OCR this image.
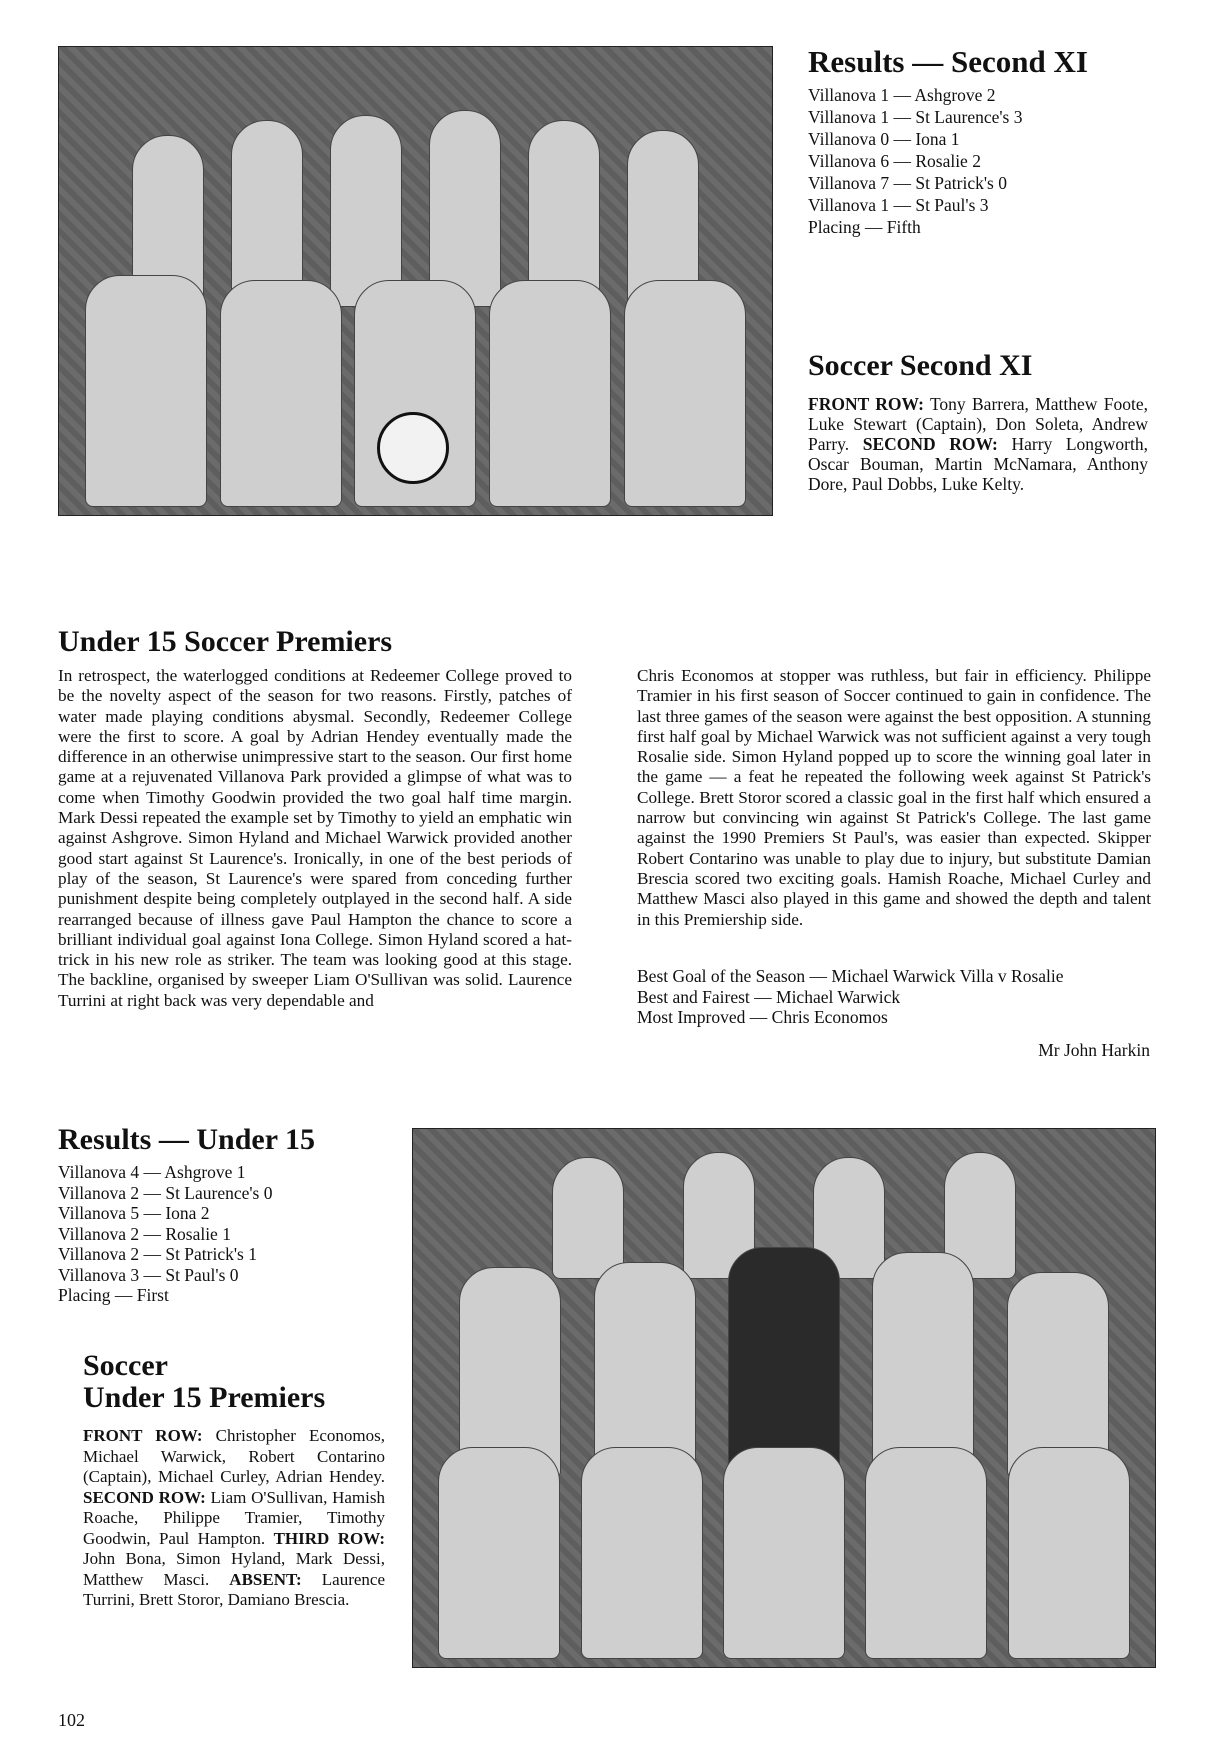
Results — Second XI
Villanova 1 — Ashgrove 2
Villanova 1 — St Laurence's 3
Villanova 0 — Iona 1
Villanova 6 — Rosalie 2
Villanova 7 — St Patrick's 0
Villanova 1 — St Paul's 3
Placing — Fifth
Soccer Second XI
FRONT ROW: Tony Barrera, Matthew Foote, Luke Stewart (Captain), Don Soleta, Andrew Parry. SECOND ROW: Harry Longworth, Oscar Bouman, Martin McNamara, Anthony Dore, Paul Dobbs, Luke Kelty.
Under 15 Soccer Premiers
In retrospect, the waterlogged conditions at Redeemer College proved to be the novelty aspect of the season for two reasons. Firstly, patches of water made playing conditions abysmal. Secondly, Redeemer College were the first to score. A goal by Adrian Hendey eventually made the difference in an otherwise unimpressive start to the season. Our first home game at a rejuvenated Villanova Park provided a glimpse of what was to come when Timothy Goodwin provided the two goal half time margin. Mark Dessi repeated the example set by Timothy to yield an emphatic win against Ashgrove. Simon Hyland and Michael Warwick provided another good start against St Laurence's. Ironically, in one of the best periods of play of the season, St Laurence's were spared from conceding further punishment despite being completely outplayed in the second half. A side rearranged because of illness gave Paul Hampton the chance to score a brilliant individual goal against Iona College. Simon Hyland scored a hat-trick in his new role as striker. The team was looking good at this stage. The backline, organised by sweeper Liam O'Sullivan was solid. Laurence Turrini at right back was very dependable and
Chris Economos at stopper was ruthless, but fair in efficiency. Philippe Tramier in his first season of Soccer continued to gain in confidence. The last three games of the season were against the best opposition. A stunning first half goal by Michael Warwick was not sufficient against a very tough Rosalie side. Simon Hyland popped up to score the winning goal later in the game — a feat he repeated the following week against St Patrick's College. Brett Storor scored a classic goal in the first half which ensured a narrow but convincing win against St Patrick's College. The last game against the 1990 Premiers St Paul's, was easier than expected. Skipper Robert Contarino was unable to play due to injury, but substitute Damian Brescia scored two exciting goals. Hamish Roache, Michael Curley and Matthew Masci also played in this game and showed the depth and talent in this Premiership side.
Best Goal of the Season — Michael Warwick Villa v Rosalie
Best and Fairest — Michael Warwick
Most Improved — Chris Economos
Mr John Harkin
Results — Under 15
Villanova 4 — Ashgrove 1
Villanova 2 — St Laurence's 0
Villanova 5 — Iona 2
Villanova 2 — Rosalie 1
Villanova 2 — St Patrick's 1
Villanova 3 — St Paul's 0
Placing — First
Soccer
Under 15 Premiers
FRONT ROW: Christopher Economos, Michael Warwick, Robert Contarino (Captain), Michael Curley, Adrian Hendey. SECOND ROW: Liam O'Sullivan, Hamish Roache, Philippe Tramier, Timothy Goodwin, Paul Hampton. THIRD ROW: John Bona, Simon Hyland, Mark Dessi, Matthew Masci. ABSENT: Laurence Turrini, Brett Storor, Damiano Brescia.
102
